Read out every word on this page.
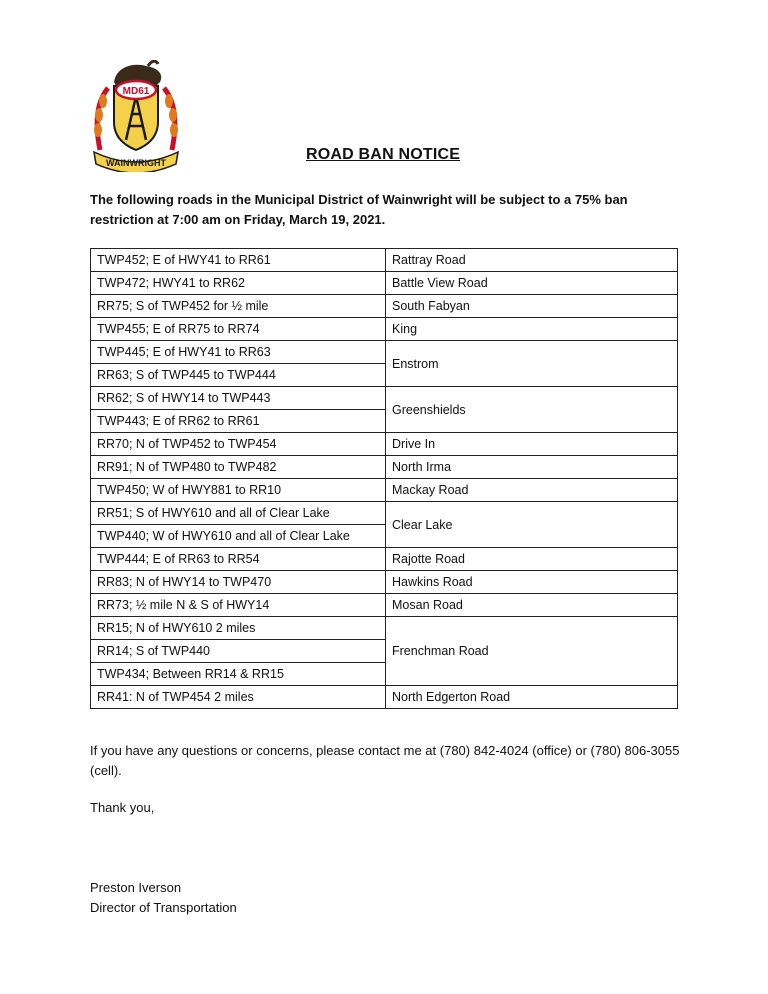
MD61
WAINWRIGHT	ROAD BAN NOTICE
The following roads in the Municipal District of Wainwright will be subject to a 75% ban restriction at 7:00 am on Friday, March 19, 2021.
TWP452; E of HWY41 to RR61	Rattray Road
TWP472; HWY41 to RR62	Battle View Road
RR75; S of TWP452 for ½ mile	South Fabyan
TWP455; E of RR75 to RR74	King
TWP445; E of HWY41 to RR63	Enstrom
RR63; S of TWP445 to TWP444	
RR62; S of HWY14 to TWP443	Greenshields
TWP443; E of RR62 to RR61	
RR70; N of TWP452 to TWP454	Drive In
RR91; N of TWP480 to TWP482	North Irma
TWP450; W of HWY881 to RR10	Mackay Road
RR51; S of HWY610 and all of Clear Lake	Clear Lake
TWP440; W of HWY610 and all of Clear Lake	
TWP444; E of RR63 to RR54	Rajotte Road
RR83; N of HWY14 to TWP470	Hawkins Road
RR73; ½ mile N & S of HWY14	Mosan Road
RR15; N of HWY610 2 miles	Frenchman Road
RR14; S of TWP440	
TWP434; Between RR14 & RR15	
RR41: N of TWP454 2 miles	North Edgerton Road
If you have any questions or concerns, please contact me at (780) 842-4024 (office) or (780) 806-3055 (cell).
Thank you,
Preston Iverson
Director of Transportation
